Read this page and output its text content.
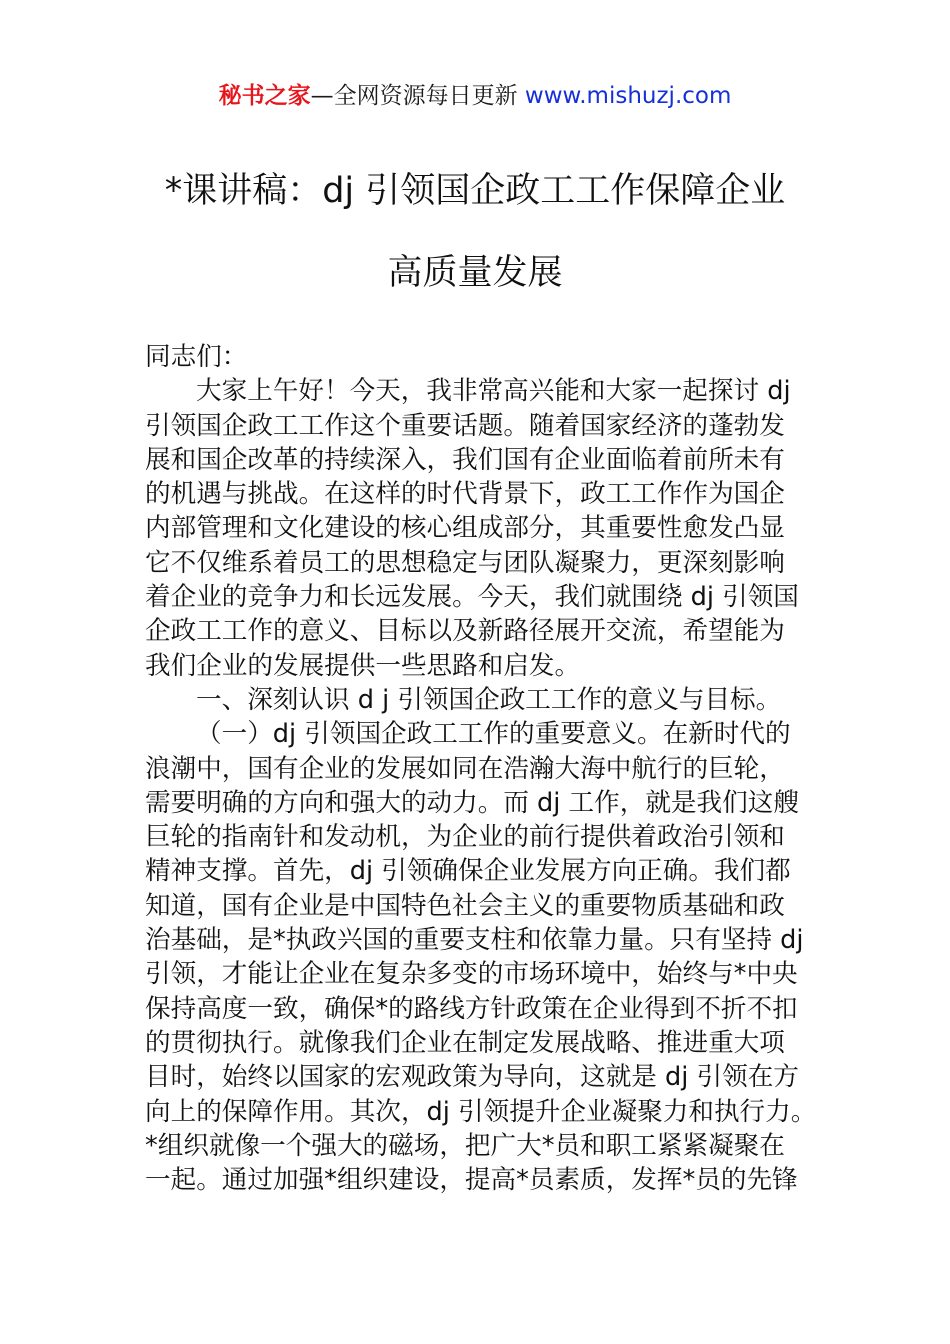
秘书之家—全网资源每日更新 www.mishuzj.com
*课讲稿：dj 引领国企政工工作保障企业
高质量发展
同志们：
大家上午好！今天，我非常高兴能和大家一起探讨 dj
引领国企政工工作这个重要话题。随着国家经济的蓬勃发
展和国企改革的持续深入，我们国有企业面临着前所未有
的机遇与挑战。在这样的时代背景下，政工工作作为国企
内部管理和文化建设的核心组成部分，其重要性愈发凸显
它不仅维系着员工的思想稳定与团队凝聚力，更深刻影响
着企业的竞争力和长远发展。今天，我们就围绕 dj 引领国
企政工工作的意义、目标以及新路径展开交流，希望能为
我们企业的发展提供一些思路和启发。
一、深刻认识 d j 引领国企政工工作的意义与目标。
（一）dj 引领国企政工工作的重要意义。在新时代的
浪潮中，国有企业的发展如同在浩瀚大海中航行的巨轮，
需要明确的方向和强大的动力。而 dj 工作，就是我们这艘
巨轮的指南针和发动机，为企业的前行提供着政治引领和
精神支撑。首先，dj 引领确保企业发展方向正确。我们都
知道，国有企业是中国特色社会主义的重要物质基础和政
治基础，是*执政兴国的重要支柱和依靠力量。只有坚持 dj
引领，才能让企业在复杂多变的市场环境中，始终与*中央
保持高度一致，确保*的路线方针政策在企业得到不折不扣
的贯彻执行。就像我们企业在制定发展战略、推进重大项
目时，始终以国家的宏观政策为导向，这就是 dj 引领在方
向上的保障作用。其次，dj 引领提升企业凝聚力和执行力。
*组织就像一个强大的磁场，把广大*员和职工紧紧凝聚在
一起。通过加强*组织建设，提高*员素质，发挥*员的先锋
